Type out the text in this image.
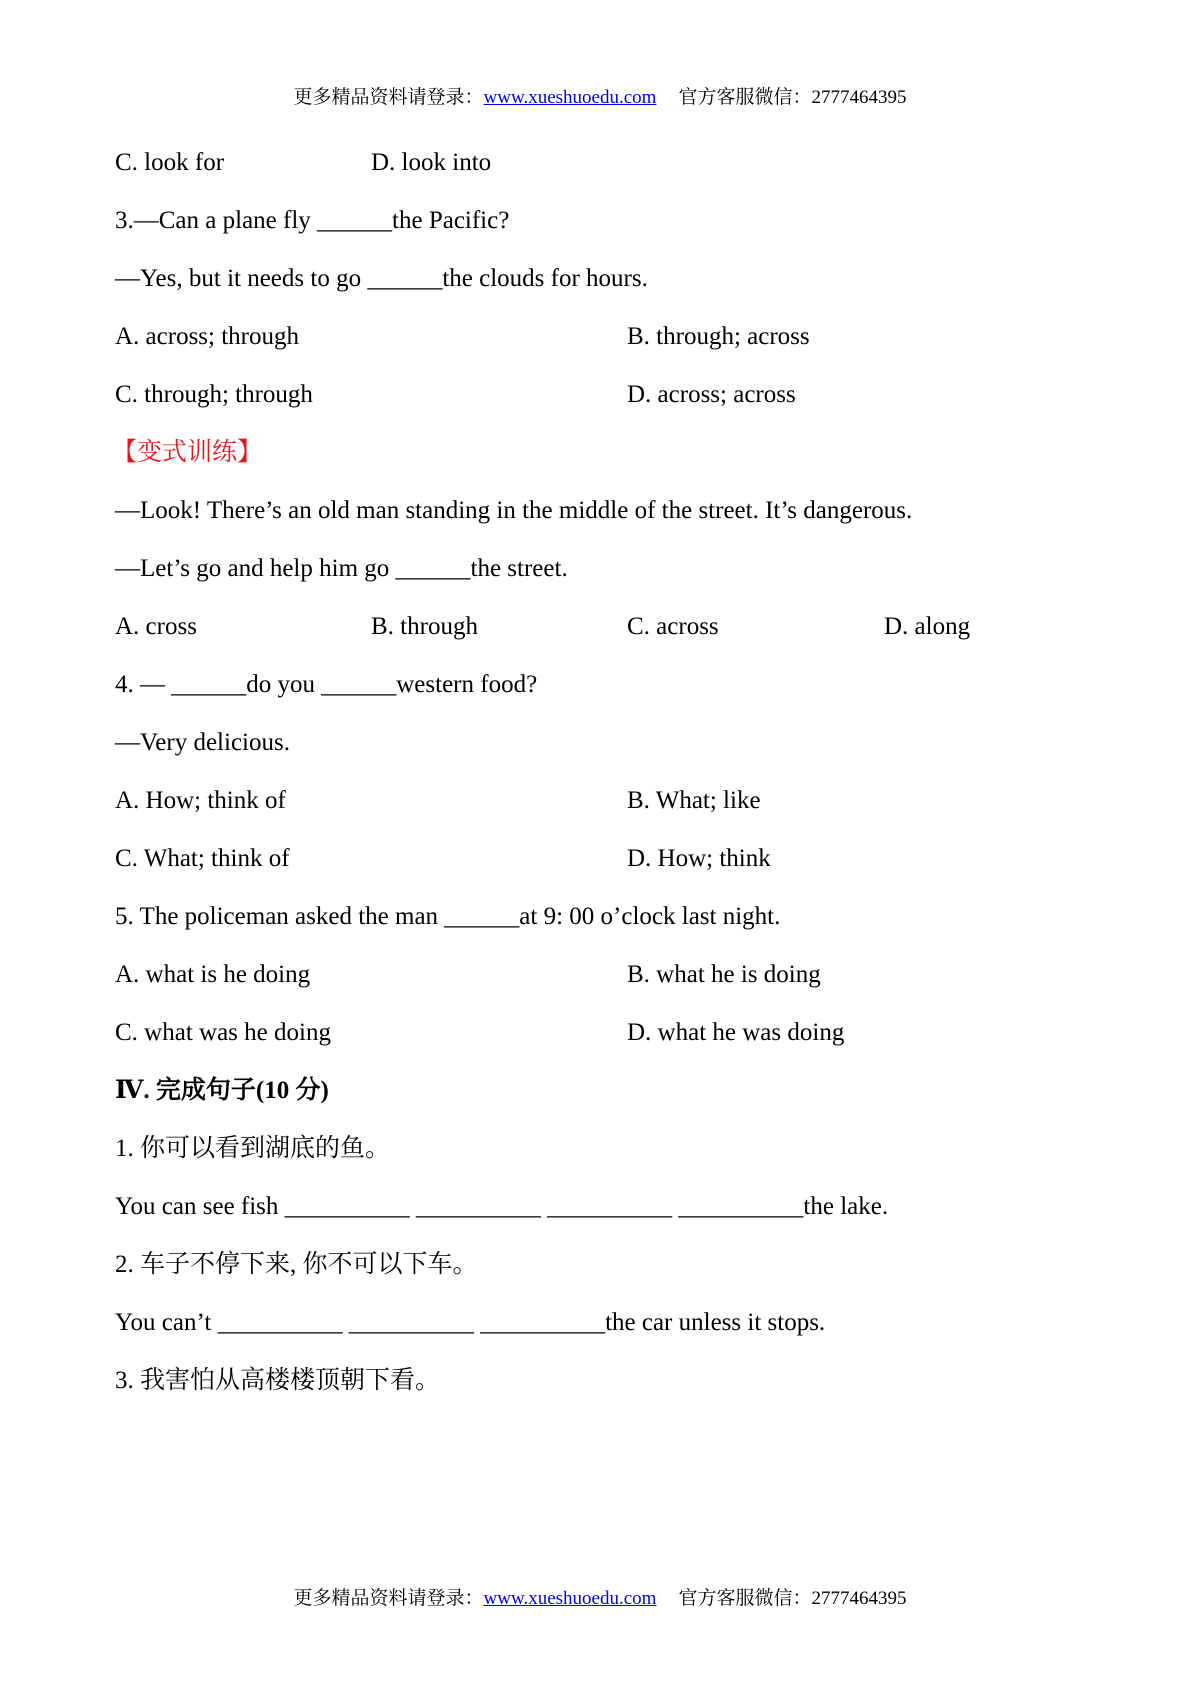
更多精品资料请登录：www.xueshuoedu.com 官方客服微信：2777464395
C. look for	D. look into
3.—Can a plane fly ______the Pacific?
—Yes, but it needs to go ______the clouds for hours.
A. across; through	B. through; across
C. through; through	D. across; across
【变式训练】
—Look! There’s an old man standing in the middle of the street. It’s dangerous.
—Let’s go and help him go ______the street.
A. cross	B. through	C. across	D. along
4. — ______do you ______western food?
—Very delicious.
A. How; think of	B. What; like
C. What; think of	D. How; think
5. The policeman asked the man ______at 9: 00 o’clock last night.
A. what is he doing	B. what he is doing
C. what was he doing	D. what he was doing
Ⅳ. 完成句子(10 分)
1. 你可以看到湖底的鱼。
You can see fish __________ __________ __________ __________the lake.
2. 车子不停下来, 你不可以下车。
You can’t __________ __________ __________the car unless it stops.
3. 我害怕从高楼楼顶朝下看。
更多精品资料请登录：www.xueshuoedu.com 官方客服微信：2777464395
